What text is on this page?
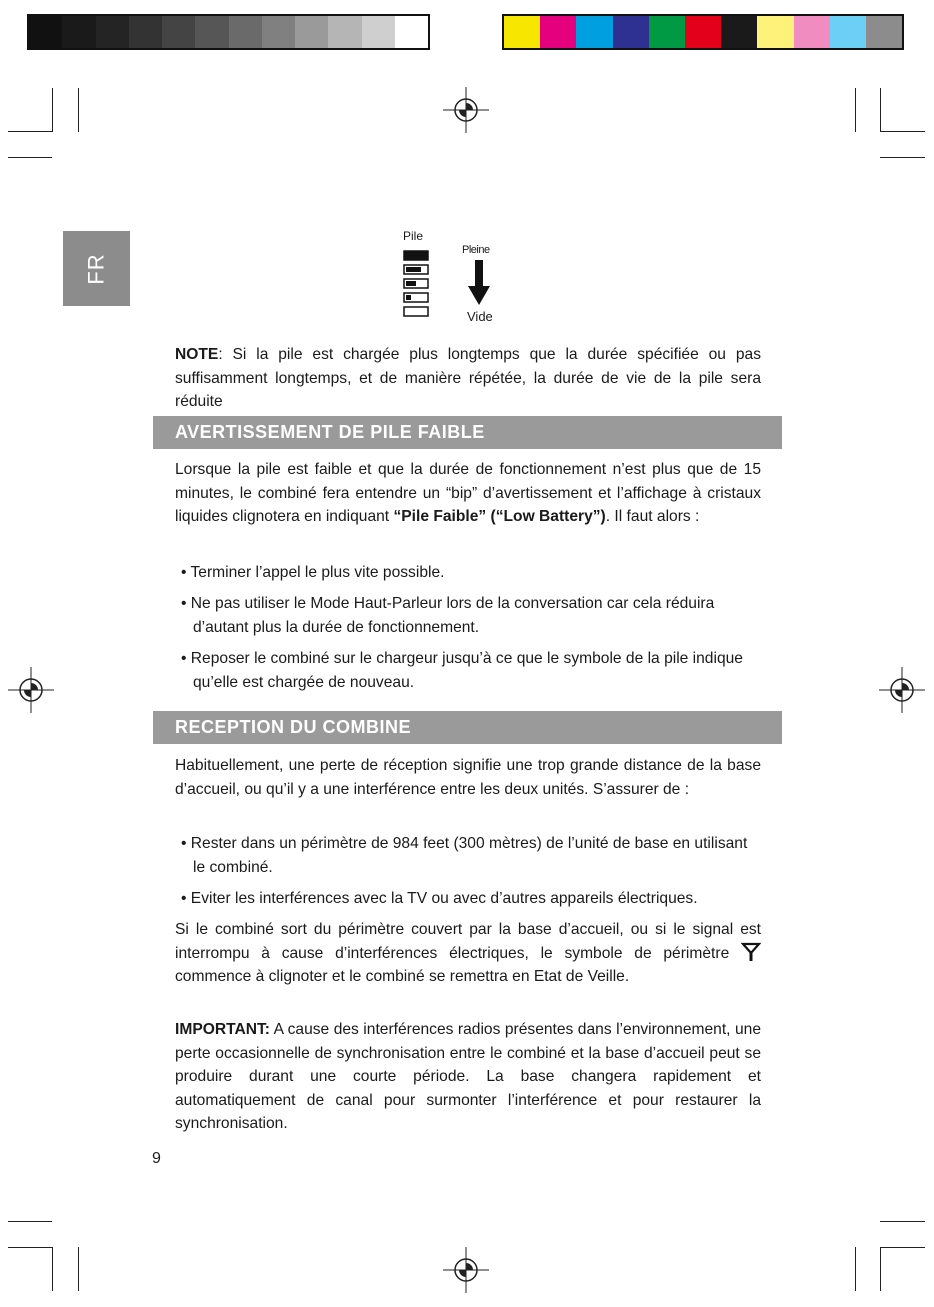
FR
Pile
Pleine
Vide
NOTE: Si la pile est chargée plus longtemps que la durée spécifiée ou pas suffisamment longtemps, et de manière répétée, la durée de vie de la pile sera réduite
AVERTISSEMENT DE PILE FAIBLE
Lorsque la pile est faible et que la durée de fonctionnement n’est plus que de 15 minutes, le combiné fera entendre un “bip” d’avertissement et l’affichage à cristaux liquides clignotera en indiquant “Pile Faible” (“Low Battery”). Il faut alors :
• Terminer l’appel le plus vite possible.
• Ne pas utiliser le Mode Haut-Parleur lors de la conversation car cela réduira d’autant plus la durée de fonctionnement.
• Reposer le combiné sur le chargeur jusqu’à ce que le symbole de la pile indique qu’elle est chargée de nouveau.
RECEPTION DU COMBINE
Habituellement, une perte de réception signifie une trop grande distance de la base d’accueil, ou qu’il y a une interférence entre les deux unités. S’assurer de :
• Rester dans un périmètre de 984 feet (300 mètres) de l’unité de base en utilisant le combiné.
• Eviter les interférences avec la TV ou avec d’autres appareils électriques.
Si le combiné sort du périmètre couvert par la base d’accueil, ou si le signal est interrompu à cause d’interférences électriques, le symbole de périmètre  commence à clignoter et le combiné se remettra en Etat de Veille.
IMPORTANT: A cause des interférences radios présentes dans l’environnement, une perte occasionnelle de synchronisation entre le combiné et la base d’accueil peut se produire durant une courte période. La base changera rapidement et automatiquement de canal pour surmonter l’interférence et pour restaurer la synchronisation.
9
